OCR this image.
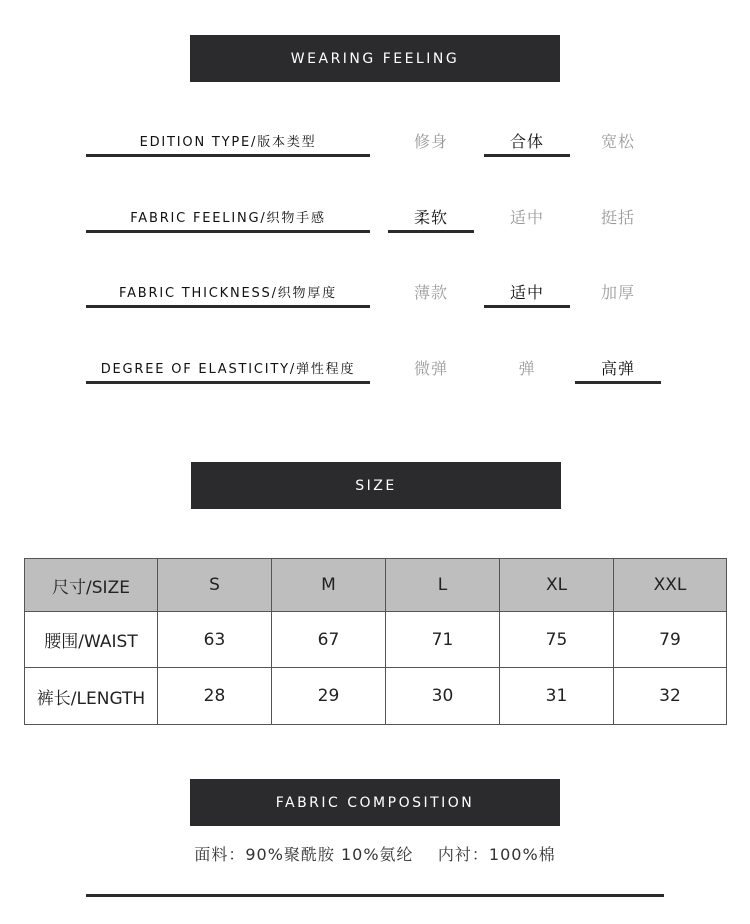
WEARING FEELING
EDITION TYPE/版本类型	修身	合体	宽松
FABRIC FEELING/织物手感	柔软	适中	挺括
FABRIC THICKNESS/织物厚度	薄款	适中	加厚
DEGREE OF ELASTICITY/弹性程度	微弹	弹	高弹
SIZE
尺寸/SIZE	S	M	L	XL	XXL
腰围/WAIST	63	67	71	75	79
裤长/LENGTH	28	29	30	31	32
FABRIC COMPOSITION
面料：90%聚酰胺 10%氨纶    内衬：100%棉
